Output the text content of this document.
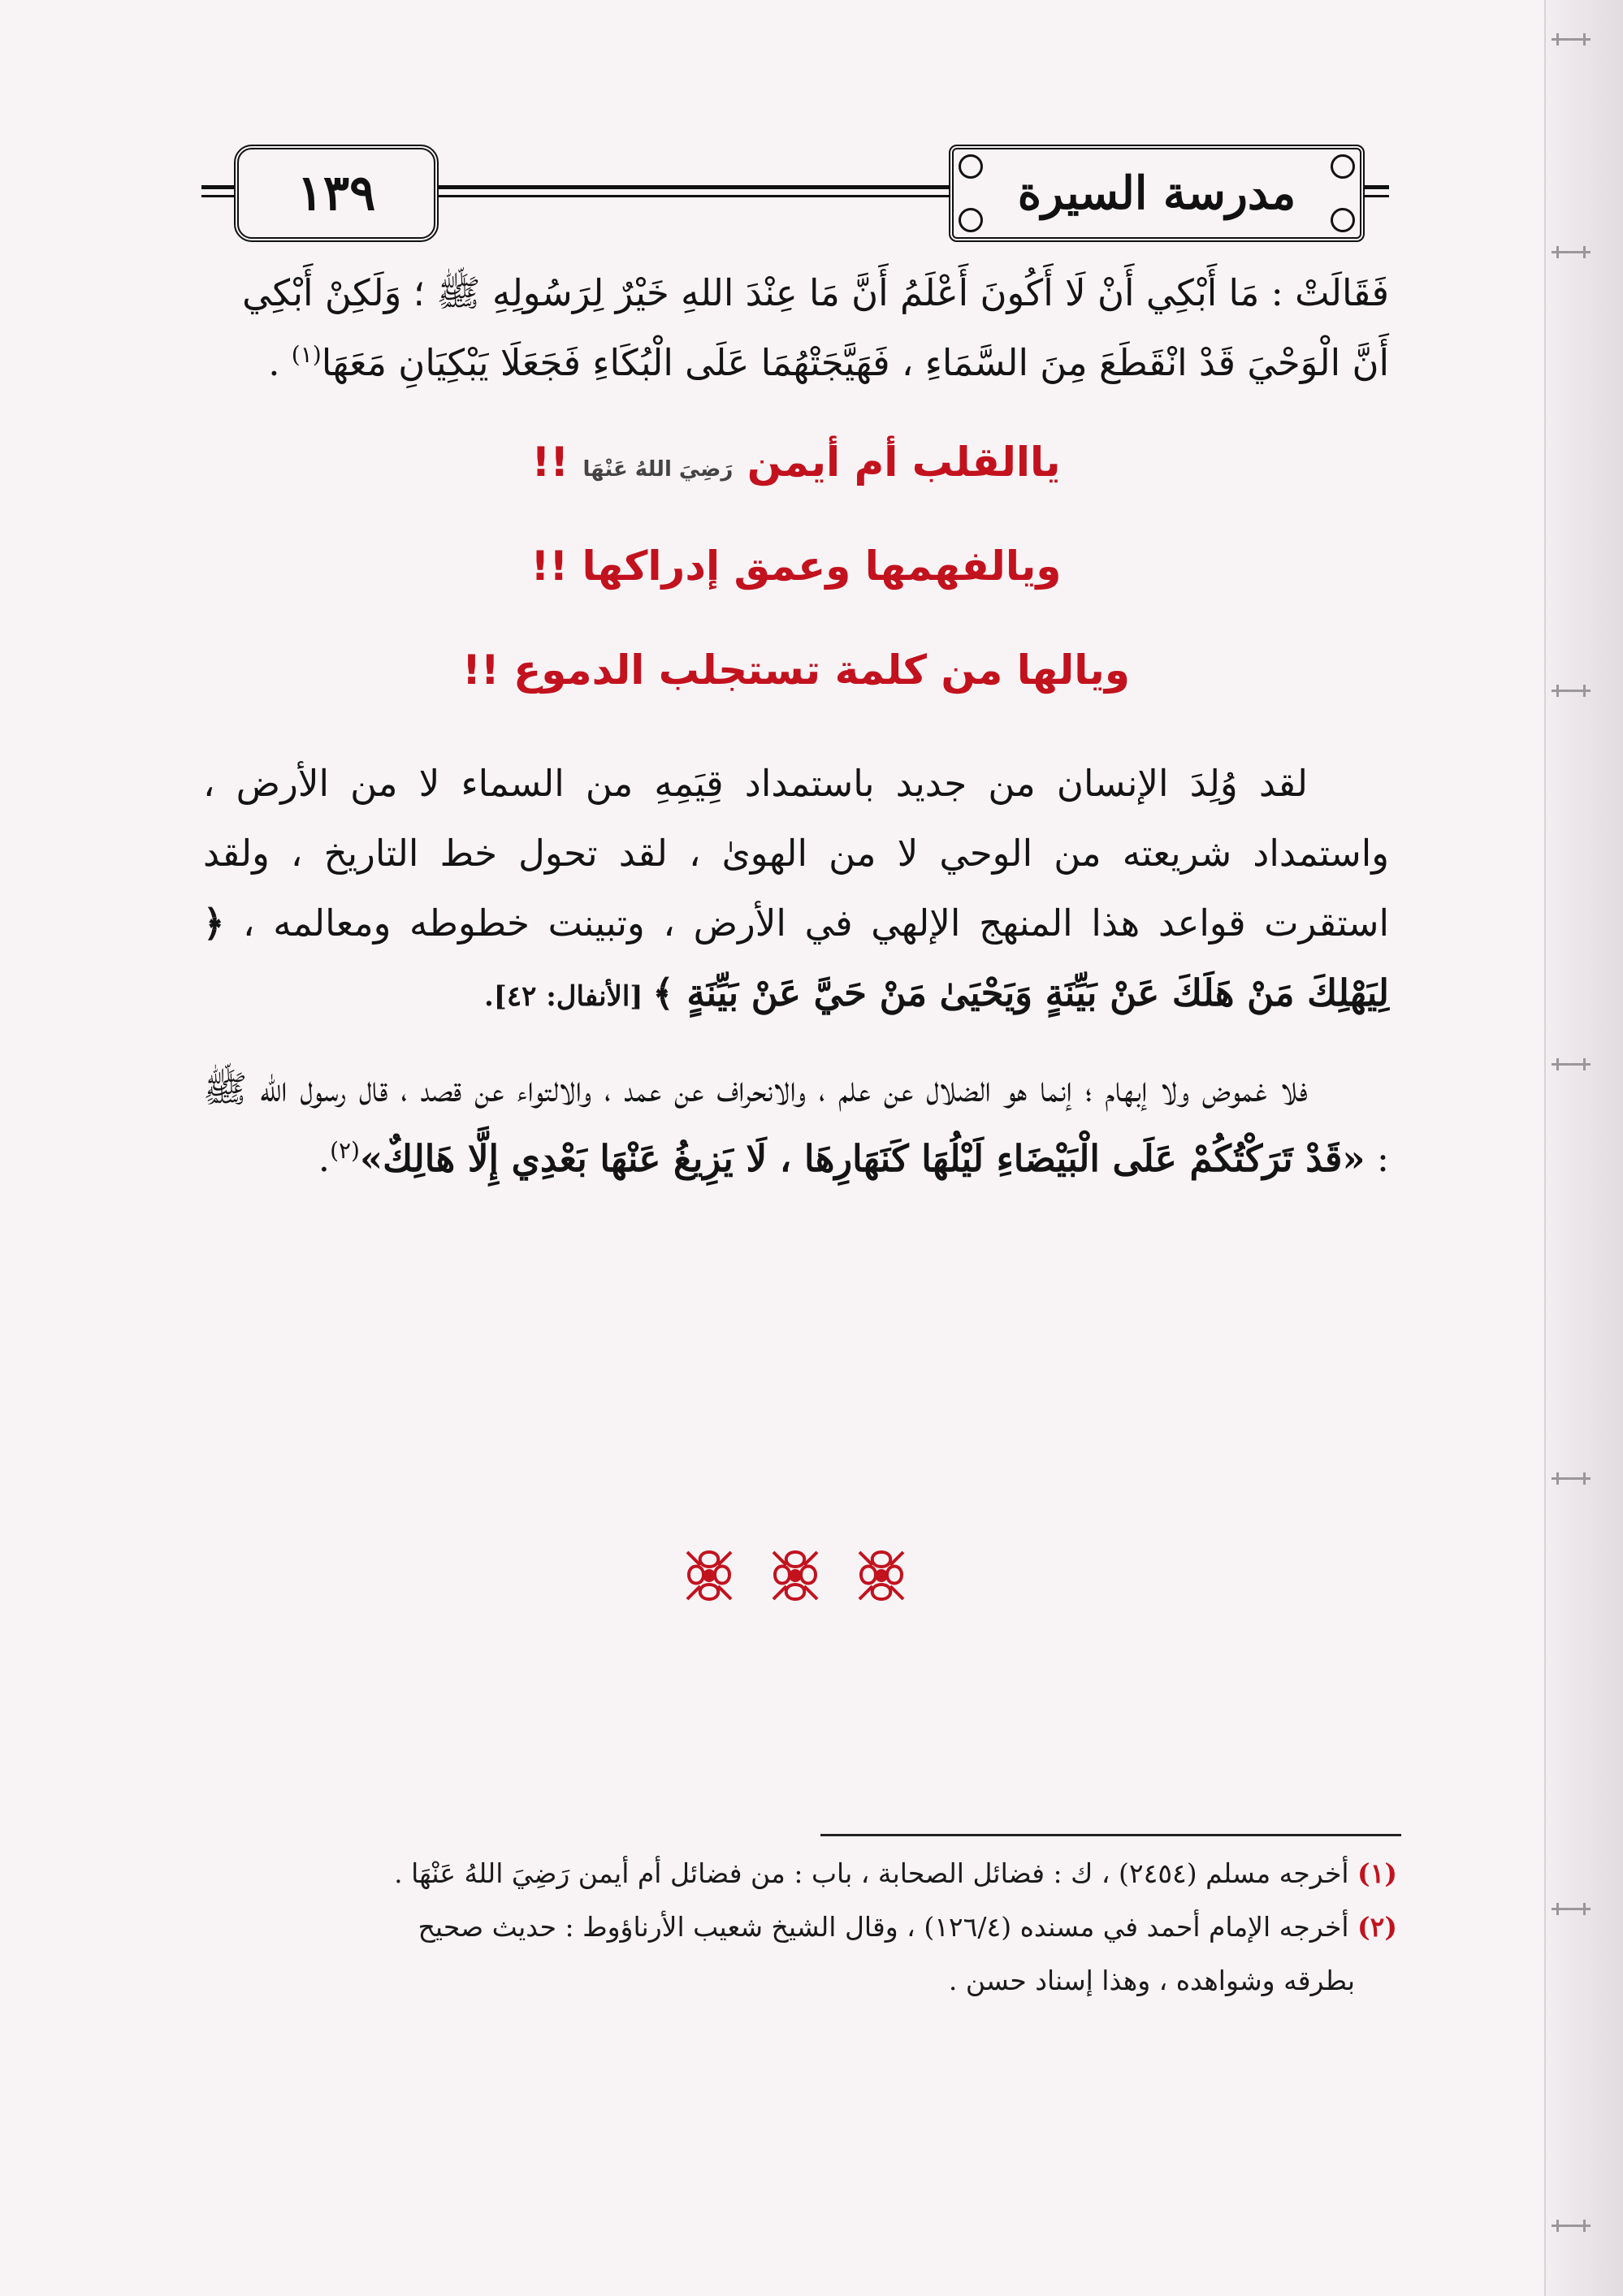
١٣٩	مدرسة السيرة

فَقَالَتْ : مَا أَبْكِي أَنْ لَا أَكُونَ أَعْلَمُ أَنَّ مَا عِنْدَ اللهِ خَيْرٌ لِرَسُولِهِ ﷺ ؛ وَلَكِنْ أَبْكِي

أَنَّ الْوَحْيَ قَدْ انْقَطَعَ مِنَ السَّمَاءِ ، فَهَيَّجَتْهُمَا عَلَى الْبُكَاءِ فَجَعَلَا يَبْكِيَانِ مَعَهَا$^{(١)}$ .

ياالقلب أم أيمن رَضِيَ اللهُ عَنْهَا !!
ويالفهمها وعمق إدراكها !!
ويالها من كلمة تستجلب الدموع !!

لقد وُلِدَ الإنسان من جديد باستمداد قِيَمِهِ من السماء لا من الأرض ، واستمداد شريعته من الوحي لا من الهوىٰ ، لقد تحول خط التاريخ ، ولقد استقرت قواعد هذا المنهج الإلهي في الأرض ، وتبينت خطوطه ومعالمه ، ﴿ لِيَهْلِكَ مَنْ هَلَكَ عَنْ بَيِّنَةٍ وَيَحْيَىٰ مَنْ حَيَّ عَنْ بَيِّنَةٍ ﴾ [الأنفال: ٤٢].

فلا غموض ولا إبهام ؛ إنما هو الضلال عن علم ، والانحراف عن عمد ، والالتواء عن قصد ، قال رسول الله ﷺ : «قَدْ تَرَكْتُكُمْ عَلَى الْبَيْضَاءِ لَيْلُهَا كَنَهَارِهَا ، لَا يَزِيغُ عَنْهَا بَعْدِي إِلَّا هَالِكٌ»$^{(٢)}$.

(١) أخرجه مسلم (٢٤٥٤) ، ك : فضائل الصحابة ، باب : من فضائل أم أيمن رَضِيَ اللهُ عَنْهَا .

(٢) أخرجه الإمام أحمد في مسنده (١٢٦/٤) ، وقال الشيخ شعيب الأرناؤوط : حديث صحيح

بطرقه وشواهده ، وهذا إسناد حسن .
